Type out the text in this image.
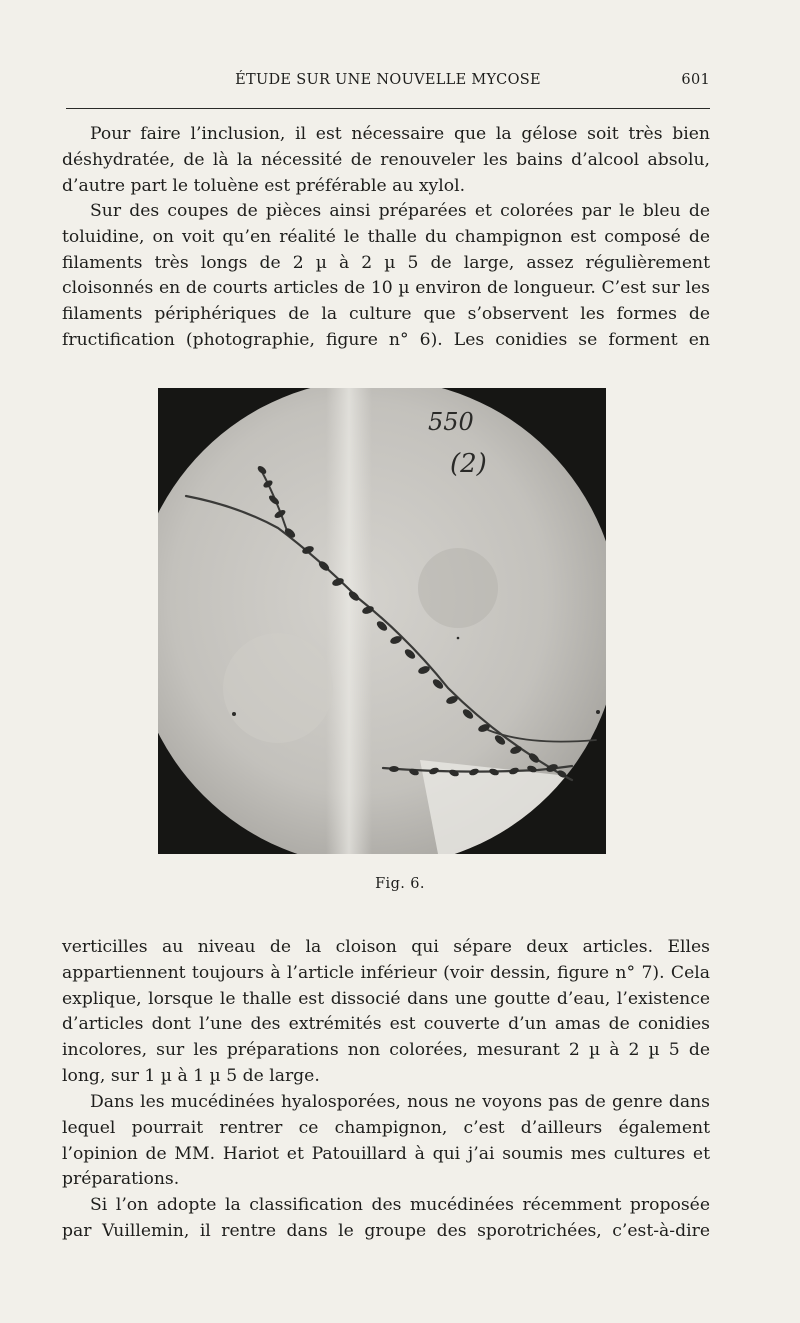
ÉTUDE SUR UNE NOUVELLE MYCOSE	601

Pour faire l’inclusion, il est nécessaire que la gélose soit très bien déshydratée, de là la nécessité de renouveler les bains d’alcool absolu, d’autre part le toluène est préférable au xylol.

Sur des coupes de pièces ainsi préparées et colorées par le bleu de toluidine, on voit qu’en réalité le thalle du champignon est composé de filaments très longs de 2 µ à 2 µ 5 de large, assez régulièrement cloisonnés en de courts articles de 10 µ environ de longueur. C’est sur les filaments périphériques de la culture que s’observent les formes de fructification (photographie, figure n° 6). Les conidies se forment en

550
(2)
Fig. 6.

verticilles au niveau de la cloison qui sépare deux articles. Elles appartiennent toujours à l’article inférieur (voir dessin, figure n° 7). Cela explique, lorsque le thalle est dissocié dans une goutte d’eau, l’existence d’articles dont l’une des extrémités est couverte d’un amas de conidies incolores, sur les préparations non colorées, mesurant 2 µ à 2 µ 5 de long, sur 1 µ à 1 µ 5 de large.

Dans les mucédinées hyalosporées, nous ne voyons pas de genre dans lequel pourrait rentrer ce champignon, c’est d’ailleurs également l’opinion de MM. Hariot et Patouillard à qui j’ai soumis mes cultures et préparations.

Si l’on adopte la classification des mucédinées récemment proposée par Vuillemin, il rentre dans le groupe des sporotrichées, c’est-à-dire
